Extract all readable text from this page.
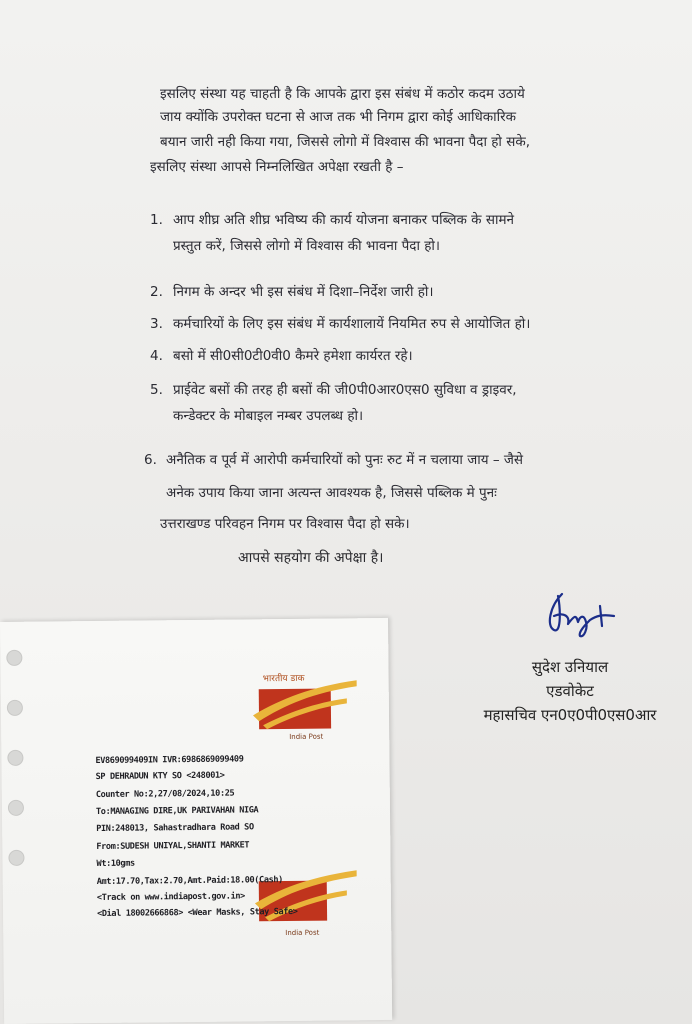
इसलिए संस्था यह चाहती है कि आपके द्वारा इस संबंध में कठोर कदम उठाये
जाय क्योंकि उपरोक्त घटना से आज तक भी निगम द्वारा कोई आधिकारिक
बयान जारी नही किया गया, जिससे लोगो में विश्वास की भावना पैदा हो सके,
इसलिए संस्था आपसे निम्नलिखित अपेक्षा रखती है –
1. आप शीघ्र अति शीघ्र भविष्य की कार्य योजना बनाकर पब्लिक के सामने
प्रस्तुत करें, जिससे लोगो में विश्वास की भावना पैदा हो।
2. निगम के अन्दर भी इस संबंध में दिशा–निर्देश जारी हो।
3. कर्मचारियों के लिए इस संबंध में कार्यशालायें नियमित रुप से आयोजित हो।
4. बसो में सी0सी0टी0वी0 कैमरे हमेशा कार्यरत रहे।
5. प्राईवेट बसों की तरह ही बसों की जी0पी0आर0एस0 सुविधा व ड्राइवर,
कन्डेक्टर के मोबाइल नम्बर उपलब्ध हो।
6. अनैतिक व पूर्व में आरोपी कर्मचारियों को पुनः रुट में न चलाया जाय – जैसे
अनेक उपाय किया जाना अत्यन्त आवश्यक है, जिससे पब्लिक मे पुनः
उत्तराखण्ड परिवहन निगम पर विश्वास पैदा हो सके।
आपसे सहयोग की अपेक्षा है।
सुदेश उनियाल
एडवोकेट
महासचिव एन0ए0पी0एस0आर
भारतीय डाक
India Post
EV869099409IN IVR:6986869099409
SP DEHRADUN KTY SO <248001>
Counter No:2,27/08/2024,10:25
To:MANAGING DIRE,UK PARIVAHAN NIGA
PIN:248013, Sahastradhara Road SO
From:SUDESH UNIYAL,SHANTI MARKET
Wt:10gms
India Post
Amt:17.70,Tax:2.70,Amt.Paid:18.00(Cash)
<Track on www.indiapost.gov.in>
<Dial 18002666868> <Wear Masks, Stay Safe>
